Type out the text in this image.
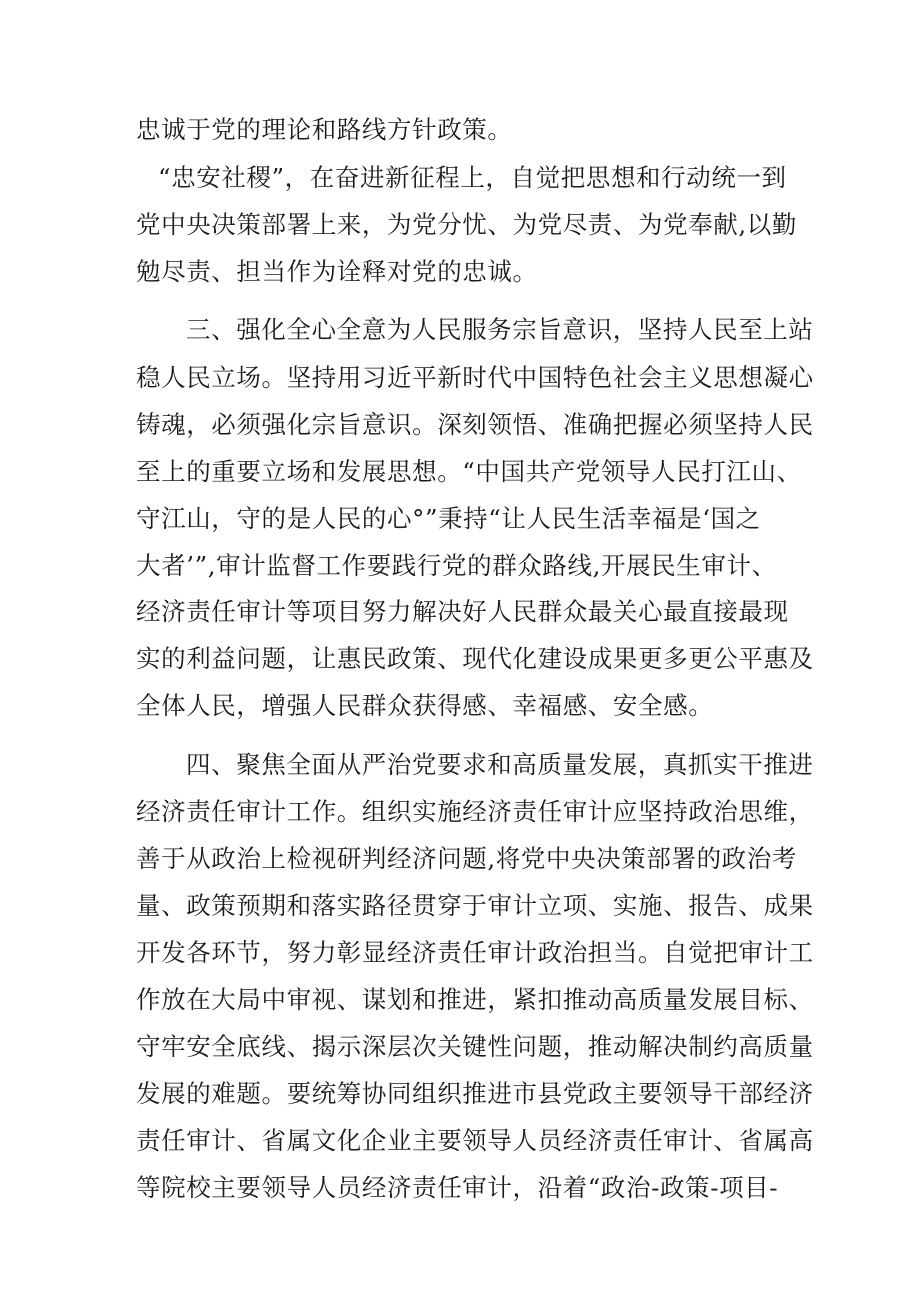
忠诚于党的理论和路线方针政策。
“忠安社稷”，在奋进新征程上，自觉把思想和行动统一到
党中央决策部署上来，为党分忧、为党尽责、为党奉献,以勤
勉尽责、担当作为诠释对党的忠诚。
三、强化全心全意为人民服务宗旨意识，坚持人民至上站
稳人民立场。坚持用习近平新时代中国特色社会主义思想凝心
铸魂，必须强化宗旨意识。深刻领悟、准确把握必须坚持人民
至上的重要立场和发展思想。“中国共产党领导人民打江山、
守江山，守的是人民的心°”秉持“让人民生活幸福是‘国之
大者’”,审计监督工作要践行党的群众路线,开展民生审计、
经济责任审计等项目努力解决好人民群众最关心最直接最现
实的利益问题，让惠民政策、现代化建设成果更多更公平惠及
全体人民，增强人民群众获得感、幸福感、安全感。
四、聚焦全面从严治党要求和高质量发展，真抓实干推进
经济责任审计工作。组织实施经济责任审计应坚持政治思维，
善于从政治上检视研判经济问题,将党中央决策部署的政治考
量、政策预期和落实路径贯穿于审计立项、实施、报告、成果
开发各环节，努力彰显经济责任审计政治担当。自觉把审计工
作放在大局中审视、谋划和推进，紧扣推动高质量发展目标、
守牢安全底线、揭示深层次关键性问题，推动解决制约高质量
发展的难题。要统筹协同组织推进市县党政主要领导干部经济
责任审计、省属文化企业主要领导人员经济责任审计、省属高
等院校主要领导人员经济责任审计，沿着“政治-政策-项目-
